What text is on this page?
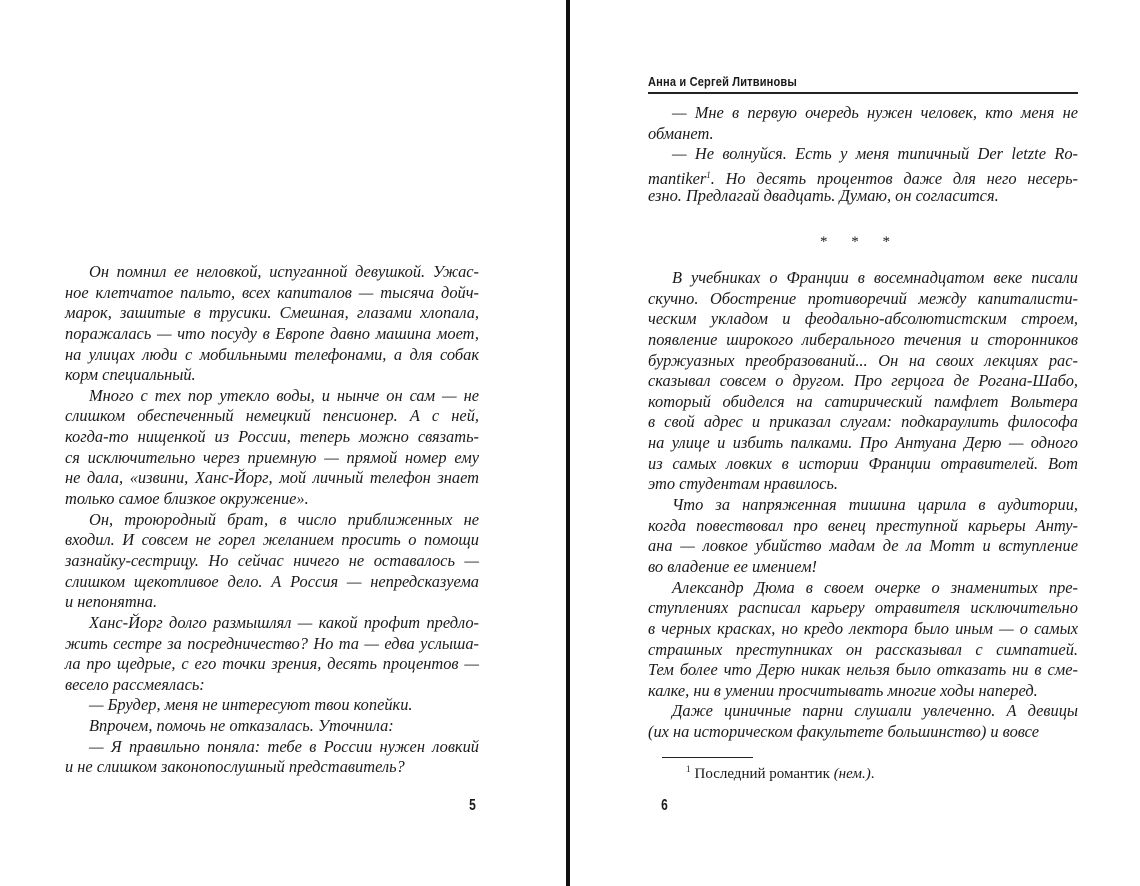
Он помнил ее неловкой, испуганной девушкой. Ужас-
ное клетчатое пальто, всех капиталов — тысяча дойч-
марок, зашитые в трусики. Смешная, глазами хлопала,
поражалась — что посуду в Европе давно машина моет,
на улицах люди с мобильными телефонами, а для собак
корм специальный.
Много с тех пор утекло воды, и нынче он сам — не
слишком обеспеченный немецкий пенсионер. А с ней,
когда-то нищенкой из России, теперь можно связать-
ся исключительно через приемную — прямой номер ему
не дала, «извини, Ханс-Йорг, мой личный телефон знает
только самое близкое окружение».
Он, троюродный брат, в число приближенных не
входил. И совсем не горел желанием просить о помощи
зазнайку-сестрицу. Но сейчас ничего не оставалось —
слишком щекотливое дело. А Россия — непредсказуема
и непонятна.
Ханс-Йорг долго размышлял — какой профит предло-
жить сестре за посредничество? Но та — едва услыша-
ла про щедрые, с его точки зрения, десять процентов —
весело рассмеялась:
— Брудер, меня не интересуют твои копейки.
Впрочем, помочь не отказалась. Уточнила:
— Я правильно поняла: тебе в России нужен ловкий
и не слишком законопослушный представитель?
5
Анна и Сергей Литвиновы
— Мне в первую очередь нужен человек, кто меня не
обманет.
— Не волнуйся. Есть у меня типичный Der letzte Ro-
mantiker$^1$. Но десять процентов даже для него несерь-
езно. Предлагай двадцать. Думаю, он согласится.
* * *
В учебниках о Франции в восемнадцатом веке писали
скучно. Обострение противоречий между капиталисти-
ческим укладом и феодально-абсолютистским строем,
появление широкого либерального течения и сторонников
буржуазных преобразований... Он на своих лекциях рас-
сказывал совсем о другом. Про герцога де Рогана-Шабо,
который обиделся на сатирический памфлет Вольтера
в свой адрес и приказал слугам: подкараулить философа
на улице и избить палками. Про Антуана Дерю — одного
из самых ловких в истории Франции отравителей. Вот
это студентам нравилось.
Что за напряженная тишина царила в аудитории,
когда повествовал про венец преступной карьеры Анту-
ана — ловкое убийство мадам де ла Мотт и вступление
во владение ее имением!
Александр Дюма в своем очерке о знаменитых пре-
ступлениях расписал карьеру отравителя исключительно
в черных красках, но кредо лектора было иным — о самых
страшных преступниках он рассказывал с симпатией.
Тем более что Дерю никак нельзя было отказать ни в сме-
калке, ни в умении просчитывать многие ходы наперед.
Даже циничные парни слушали увлеченно. А девицы
(их на историческом факультете большинство) и вовсе
$^1$ Последний романтик (нем.).
6
